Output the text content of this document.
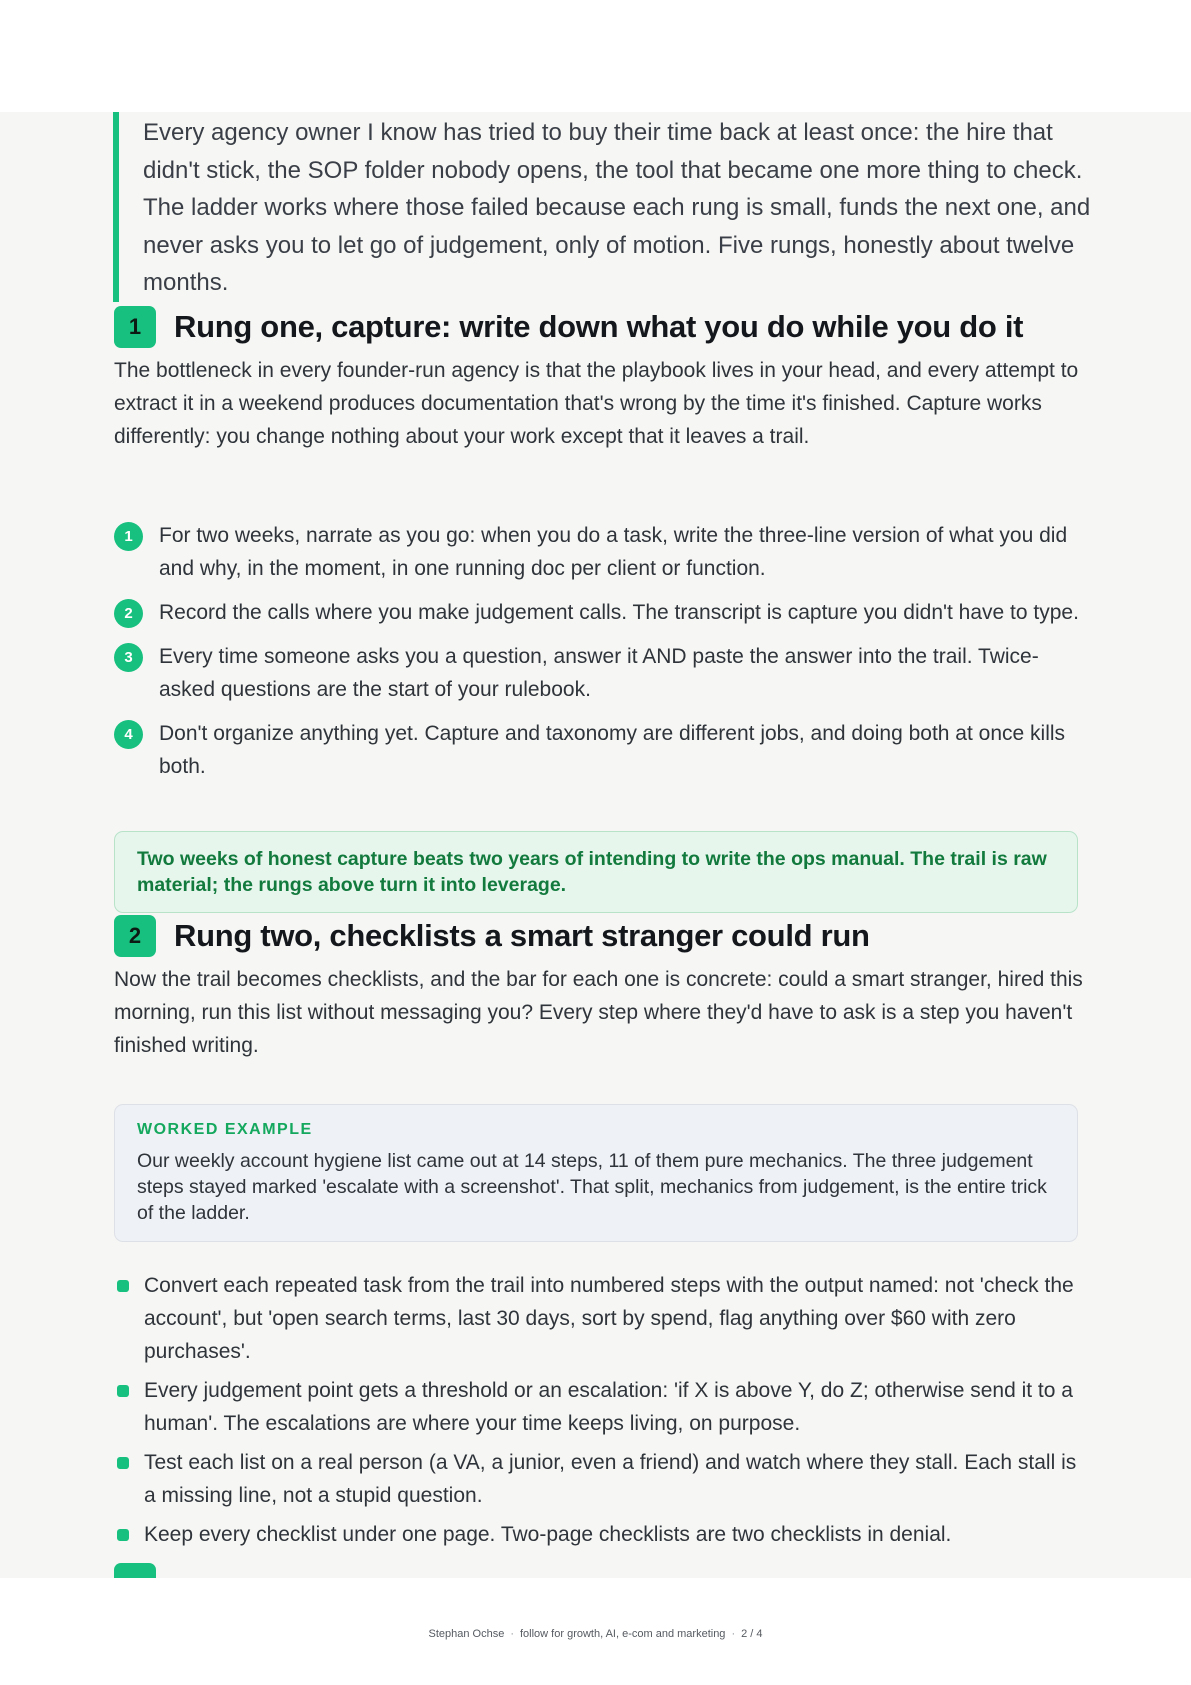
Every agency owner I know has tried to buy their time back at least once: the hire that didn't stick, the SOP folder nobody opens, the tool that became one more thing to check. The ladder works where those failed because each rung is small, funds the next one, and never asks you to let go of judgement, only of motion. Five rungs, honestly about twelve months.
1	Rung one, capture: write down what you do while you do it
The bottleneck in every founder-run agency is that the playbook lives in your head, and every attempt to extract it in a weekend produces documentation that's wrong by the time it's finished. Capture works differently: you change nothing about your work except that it leaves a trail.
1	For two weeks, narrate as you go: when you do a task, write the three-line version of what you did and why, in the moment, in one running doc per client or function.
2	Record the calls where you make judgement calls. The transcript is capture you didn't have to type.
3	Every time someone asks you a question, answer it AND paste the answer into the trail. Twice-asked questions are the start of your rulebook.
4	Don't organize anything yet. Capture and taxonomy are different jobs, and doing both at once kills both.
Two weeks of honest capture beats two years of intending to write the ops manual. The trail is raw material; the rungs above turn it into leverage.
2	Rung two, checklists a smart stranger could run
Now the trail becomes checklists, and the bar for each one is concrete: could a smart stranger, hired this morning, run this list without messaging you? Every step where they'd have to ask is a step you haven't finished writing.
WORKED EXAMPLE
Our weekly account hygiene list came out at 14 steps, 11 of them pure mechanics. The three judgement steps stayed marked 'escalate with a screenshot'. That split, mechanics from judgement, is the entire trick of the ladder.
Convert each repeated task from the trail into numbered steps with the output named: not 'check the account', but 'open search terms, last 30 days, sort by spend, flag anything over $60 with zero purchases'.
Every judgement point gets a threshold or an escalation: 'if X is above Y, do Z; otherwise send it to a human'. The escalations are where your time keeps living, on purpose.
Test each list on a real person (a VA, a junior, even a friend) and watch where they stall. Each stall is a missing line, not a stupid question.
Keep every checklist under one page. Two-page checklists are two checklists in denial.
Stephan Ochse · follow for growth, AI, e-com and marketing · 2 / 4
